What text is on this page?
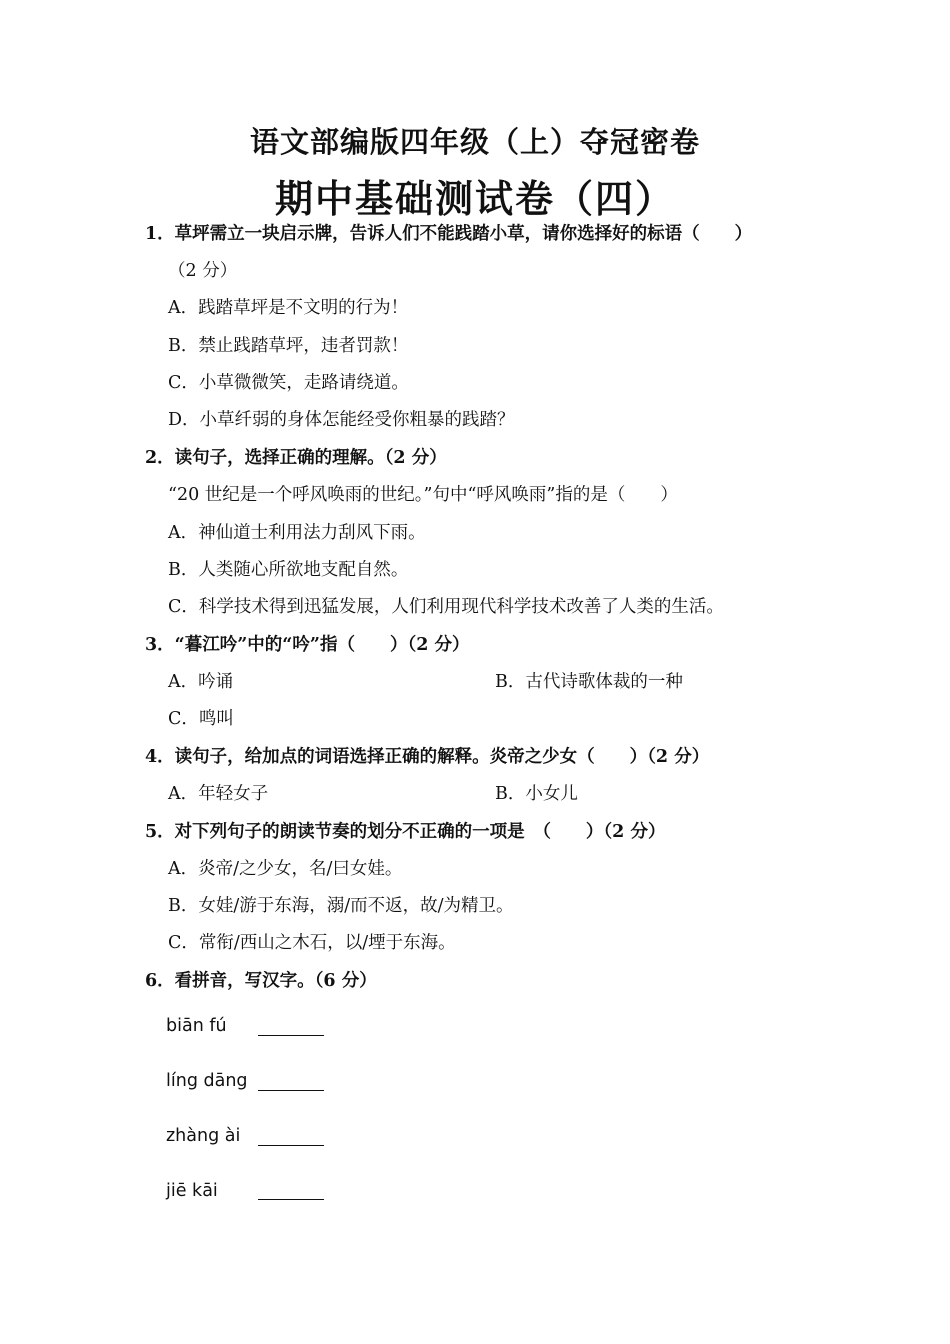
语文部编版四年级（上）夺冠密卷
期中基础测试卷（四）
1．草坪需立一块启示牌，告诉人们不能践踏小草，请你选择好的标语（　　）
（2 分）
A．践踏草坪是不文明的行为！
B．禁止践踏草坪，违者罚款！
C．小草微微笑，走路请绕道。
D．小草纤弱的身体怎能经受你粗暴的践踏？
2．读句子，选择正确的理解。（2 分）
“20 世纪是一个呼风唤雨的世纪。”句中“呼风唤雨”指的是（　　）
A．神仙道士利用法力刮风下雨。
B．人类随心所欲地支配自然。
C．科学技术得到迅猛发展，人们利用现代科学技术改善了人类的生活。
3．“暮江吟”中的“吟”指（　　）（2 分）
A．吟诵	B．古代诗歌体裁的一种
C．鸣叫
4．读句子，给加点的词语选择正确的解释。炎帝之少女（　　）（2 分）
A．年轻女子	B．小女儿
5．对下列句子的朗读节奏的划分不正确的一项是　（　　）（2 分）
A．炎帝/之少女，名/曰女娃。
B．女娃/游于东海，溺/而不返，故/为精卫。
C．常衔/西山之木石，以/堙于东海。
6．看拼音，写汉字。（6 分）
biān fú
líng dāng
zhàng ài
jiē kāi
